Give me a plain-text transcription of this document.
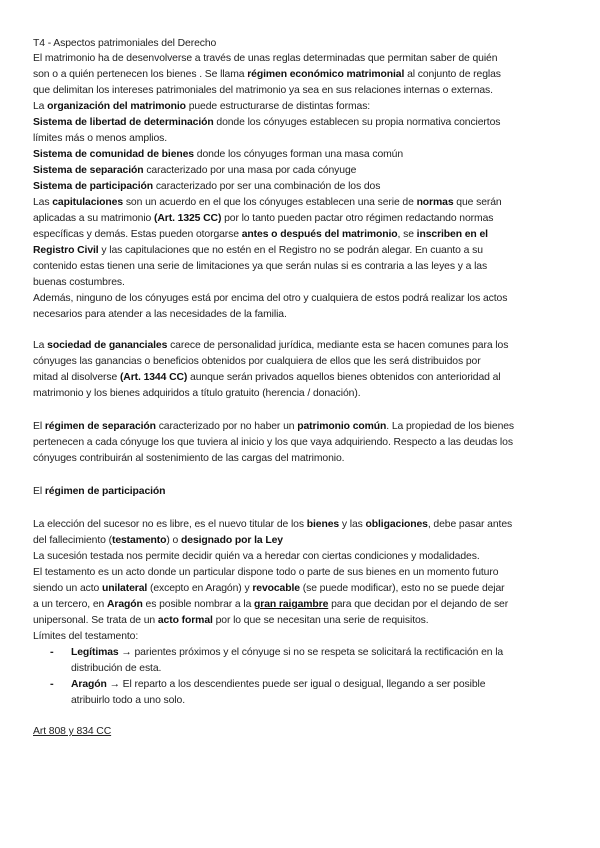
T4 - Aspectos patrimoniales del Derecho
El matrimonio ha de desenvolverse a través de unas reglas determinadas que permitan saber de quién
son o a quién pertenecen los bienes . Se llama régimen económico matrimonial al conjunto de reglas
que delimitan los intereses patrimoniales del matrimonio ya sea en sus relaciones internas o externas.
La organización del matrimonio puede estructurarse de distintas formas:
Sistema de libertad de determinación donde los cónyuges establecen su propia normativa conciertos
límites más o menos amplios.
Sistema de comunidad de bienes donde los cónyuges forman una masa común
Sistema de separación caracterizado por una masa por cada cónyuge
Sistema de participación caracterizado por ser una combinación de los dos
Las capitulaciones son un acuerdo en el que los cónyuges establecen una serie de normas que serán
aplicadas a su matrimonio (Art. 1325 CC) por lo tanto pueden pactar otro régimen redactando normas
específicas y demás. Estas pueden otorgarse antes o después del matrimonio, se inscriben en el
Registro Civil y las capitulaciones que no estén en el Registro no se podrán alegar. En cuanto a su
contenido estas tienen una serie de limitaciones ya que serán nulas si es contraria a las leyes y a las
buenas costumbres.
Además, ninguno de los cónyuges está por encima del otro y cualquiera de estos podrá realizar los actos
necesarios para atender a las necesidades de la familia.
La sociedad de gananciales carece de personalidad jurídica, mediante esta se hacen comunes para los
cónyuges las ganancias o beneficios obtenidos por cualquiera de ellos que les será distribuidos por
mitad al disolverse (Art. 1344 CC) aunque serán privados aquellos bienes obtenidos con anterioridad al
matrimonio y los bienes adquiridos a título gratuito (herencia / donación).
El régimen de separación caracterizado por no haber un patrimonio común. La propiedad de los bienes
pertenecen a cada cónyuge los que tuviera al inicio y los que vaya adquiriendo. Respecto a las deudas los
cónyuges contribuirán al sostenimiento de las cargas del matrimonio.
El régimen de participación
La elección del sucesor no es libre, es el nuevo titular de los bienes y las obligaciones, debe pasar antes
del fallecimiento (testamento) o designado por la Ley
La sucesión testada nos permite decidir quién va a heredar con ciertas condiciones y modalidades.
El testamento es un acto donde un particular dispone todo o parte de sus bienes en un momento futuro
siendo un acto unilateral (excepto en Aragón) y revocable (se puede modificar), esto no se puede dejar
a un tercero, en Aragón es posible nombrar a la gran raigambre para que decidan por el dejando de ser
unipersonal. Se trata de un acto formal por lo que se necesitan una serie de requisitos.
Límites del testamento:
- Legítimas → parientes próximos y el cónyuge si no se respeta se solicitará la rectificación en la
distribución de esta.
- Aragón → El reparto a los descendientes puede ser igual o desigual, llegando a ser posible
atribuirlo todo a uno solo.
Art 808 y 834 CC
